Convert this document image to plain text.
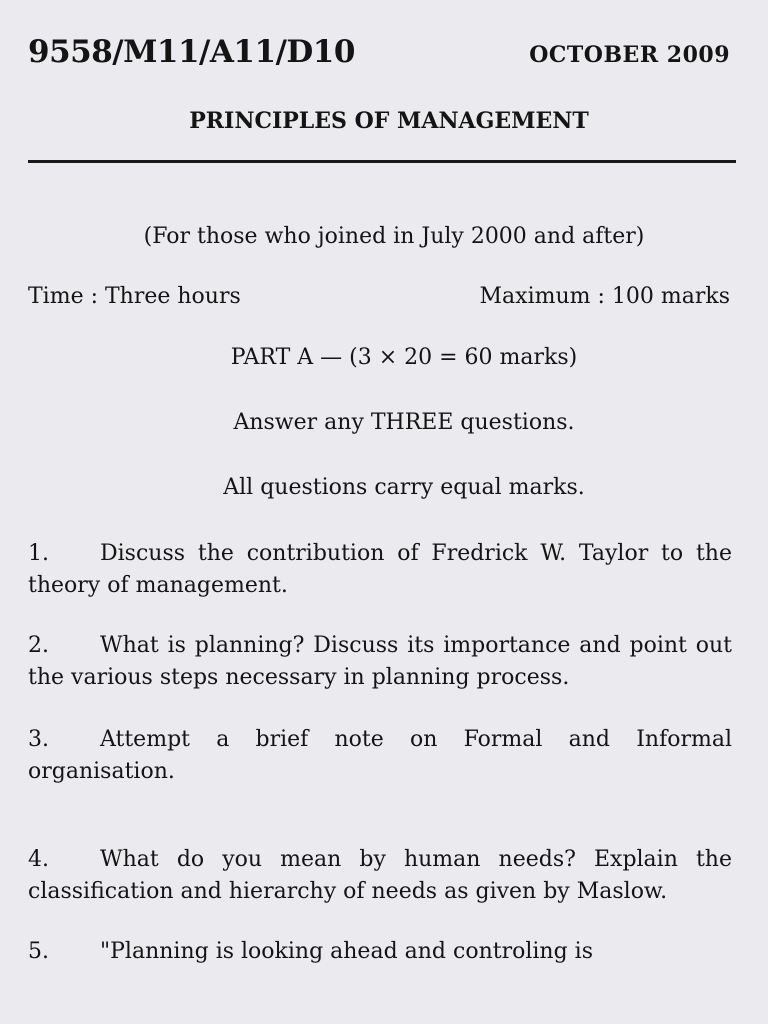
9558/M11/A11/D10	OCTOBER 2009
PRINCIPLES OF MANAGEMENT
(For those who joined in July 2000 and after)
Time : Three hours	Maximum : 100 marks
PART A — (3 × 20 = 60 marks)
Answer any THREE questions.
All questions carry equal marks.

1. Discuss the contribution of Fredrick W. Taylor to the theory of management.

2. What is planning? Discuss its importance and point out the various steps necessary in planning process.

3. Attempt a brief note on Formal and Informal organisation.

4. What do you mean by human needs? Explain the classification and hierarchy of needs as given by Maslow.

5. "Planning is looking ahead and controling is
